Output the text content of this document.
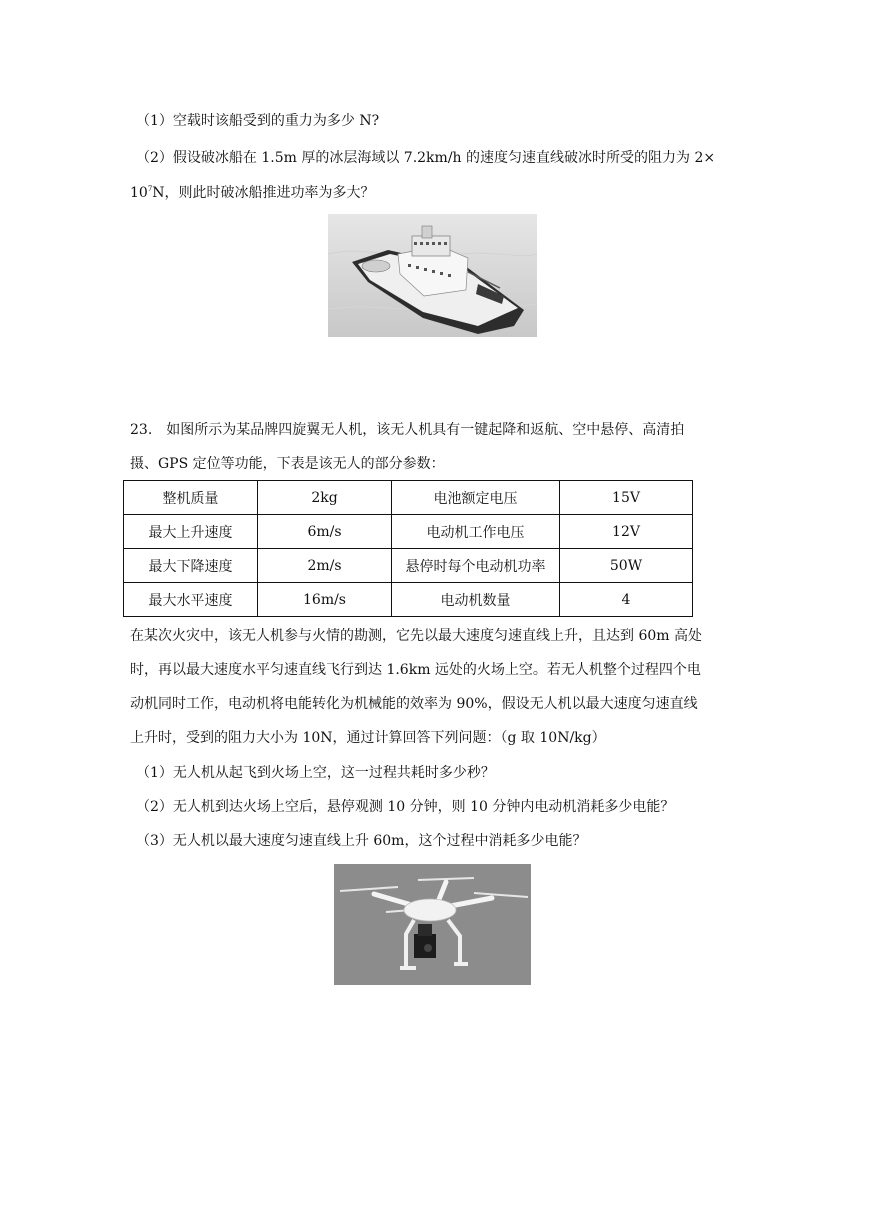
（1）空载时该船受到的重力为多少 N?
（2）假设破冰船在 1.5m 厚的冰层海域以 7.2km/h 的速度匀速直线破冰时所受的阻力为 2×
$10^7N$，则此时破冰船推进功率为多大？
23.　如图所示为某品牌四旋翼无人机，该无人机具有一键起降和返航、空中悬停、高清拍
摄、GPS 定位等功能，下表是该无人的部分参数：
整机质量	2kg	电池额定电压	15V
最大上升速度	6m/s	电动机工作电压	12V
最大下降速度	2m/s	悬停时每个电动机功率	50W
最大水平速度	16m/s	电动机数量	4
在某次火灾中，该无人机参与火情的勘测，它先以最大速度匀速直线上升，且达到 60m 高处
时，再以最大速度水平匀速直线飞行到达 1.6km 远处的火场上空。若无人机整个过程四个电
动机同时工作，电动机将电能转化为机械能的效率为 90%，假设无人机以最大速度匀速直线
上升时，受到的阻力大小为 10N，通过计算回答下列问题：（g 取 10N/kg）
（1）无人机从起飞到火场上空，这一过程共耗时多少秒？
（2）无人机到达火场上空后，悬停观测 10 分钟，则 10 分钟内电动机消耗多少电能？
（3）无人机以最大速度匀速直线上升 60m，这个过程中消耗多少电能？
